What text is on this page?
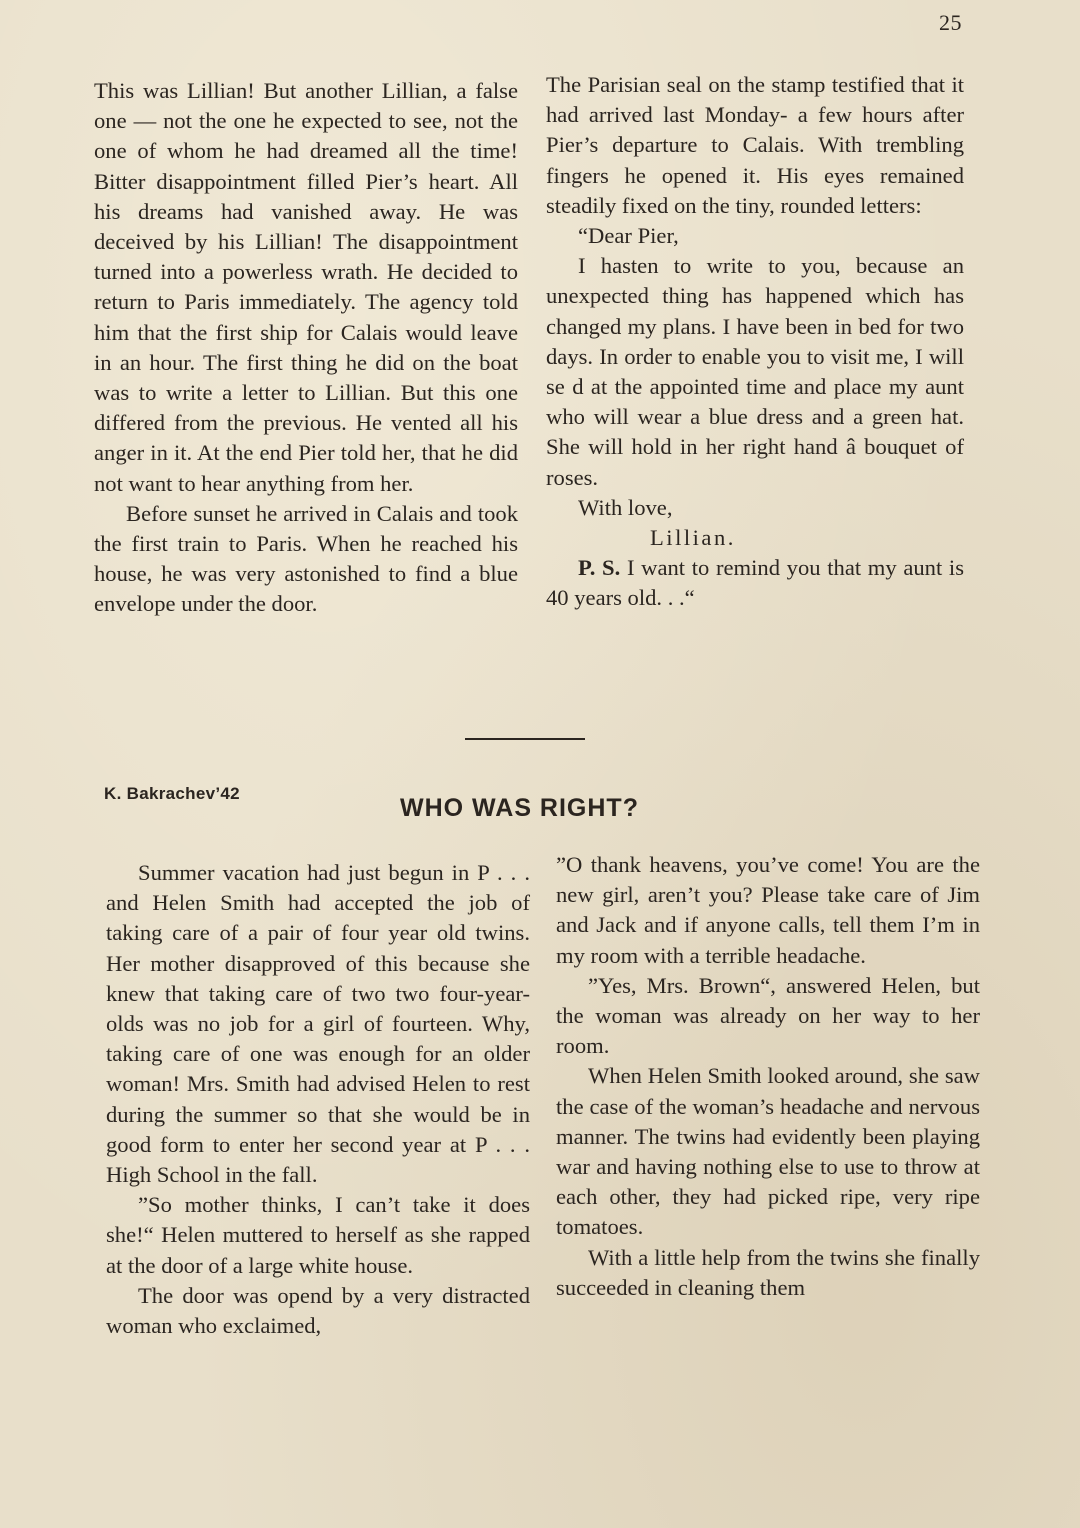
25

This was Lillian! But another Lillian, a false one — not the one he expected to see, not the one of whom he had dreamed all the time! Bitter disappointment filled Pier’s heart. All his dreams had vanished away. He was deceived by his Lillian! The disappointment turned into a powerless wrath. He decided to return to Paris immediately. The agency told him that the first ship for Calais would leave in an hour. The first thing he did on the boat was to write a letter to Lillian. But this one differed from the previous. He vented all his anger in it. At the end Pier told her, that he did not want to hear anything from her.

Before sunset he arrived in Calais and took the first train to Paris. When he reached his house, he was very astonished to find a blue envelope under the door.

The Parisian seal on the stamp testified that it had arrived last Monday- a few hours after Pier’s departure to Calais. With trembling fingers he opened it. His eyes remained steadily fixed on the tiny, rounded letters:

“Dear Pier,

I hasten to write to you, because an unexpected thing has happened which has changed my plans. I have been in bed for two days. In order to enable you to visit me, I will se d at the appointed time and place my aunt who will wear a blue dress and a green hat. She will hold in her right hand â bouquet of roses.

With love,

Lillian.

P. S. I want to remind you that my aunt is 40 years old. . .“

K. Bakrachev’42
WHO WAS RIGHT?

Summer vacation had just begun in P . . . and Helen Smith had accepted the job of taking care of a pair of four year old twins. Her mother disapproved of this because she knew that taking care of two two four-year-olds was no job for a girl of fourteen. Why, taking care of one was enough for an older woman! Mrs. Smith had advised Helen to rest during the summer so that she would be in good form to enter her second year at P . . . High School in the fall.

”So mother thinks, I can’t take it does she!“ Helen muttered to herself as she rapped at the door of a large white house.

The door was opend by a very distracted woman who exclaimed,

”O thank heavens, you’ve come! You are the new girl, aren’t you? Please take care of Jim and Jack and if anyone calls, tell them I’m in my room with a terrible headache.

”Yes, Mrs. Brown“, answered Helen, but the woman was already on her way to her room.

When Helen Smith looked around, she saw the case of the woman’s headache and nervous manner. The twins had evidently been playing war and having nothing else to use to throw at each other, they had picked ripe, very ripe tomatoes.

With a little help from the twins she finally succeeded in cleaning them
